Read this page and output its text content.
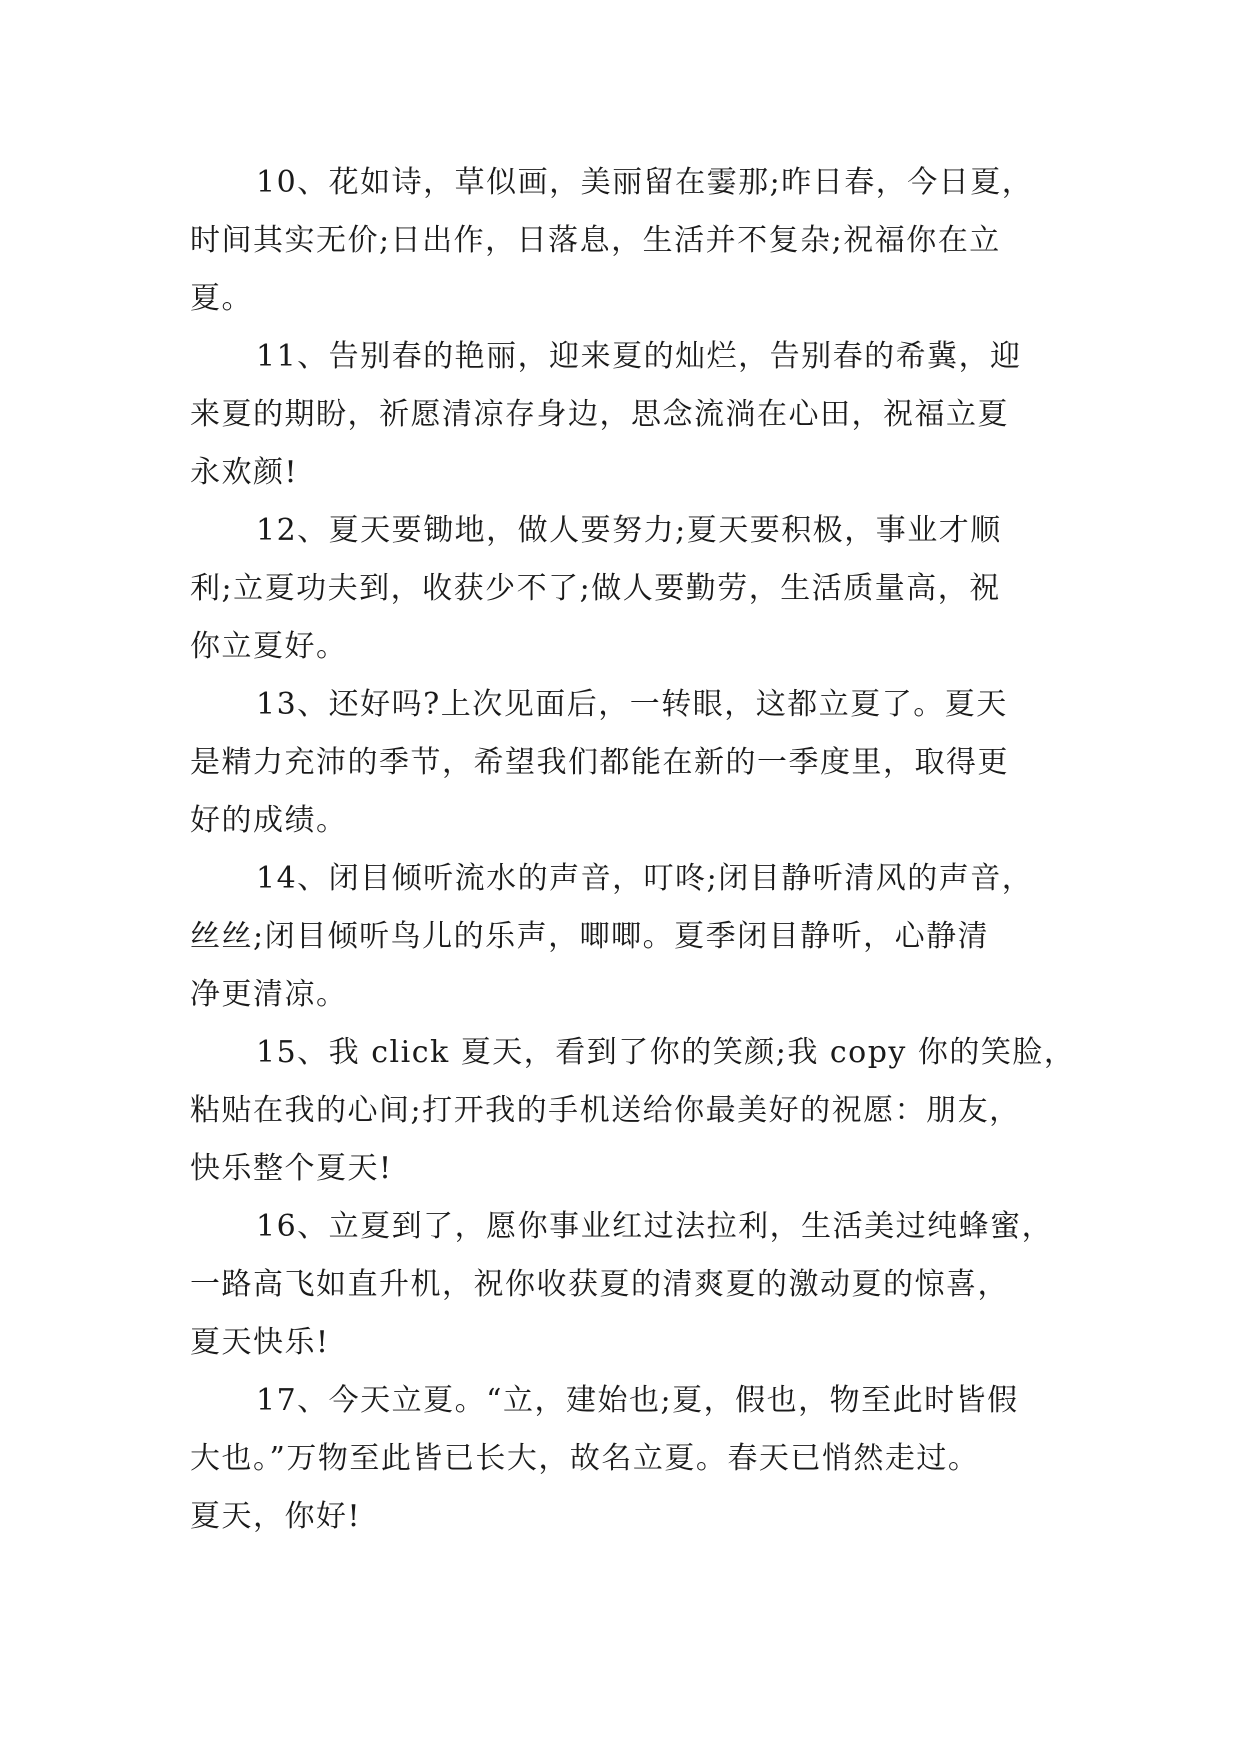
10、花如诗，草似画，美丽留在霎那;昨日春，今日夏，
时间其实无价;日出作，日落息，生活并不复杂;祝福你在立
夏。

11、告别春的艳丽，迎来夏的灿烂，告别春的希冀，迎
来夏的期盼，祈愿清凉存身边，思念流淌在心田，祝福立夏
永欢颜!

12、夏天要锄地，做人要努力;夏天要积极，事业才顺
利;立夏功夫到，收获少不了;做人要勤劳，生活质量高，祝
你立夏好。

13、还好吗?上次见面后，一转眼，这都立夏了。夏天
是精力充沛的季节，希望我们都能在新的一季度里，取得更
好的成绩。

14、闭目倾听流水的声音，叮咚;闭目静听清风的声音，
丝丝;闭目倾听鸟儿的乐声，唧唧。夏季闭目静听，心静清
净更清凉。

15、我 click 夏天，看到了你的笑颜;我 copy 你的笑脸，
粘贴在我的心间;打开我的手机送给你最美好的祝愿：朋友，
快乐整个夏天!

16、立夏到了，愿你事业红过法拉利，生活美过纯蜂蜜，
一路高飞如直升机，祝你收获夏的清爽夏的激动夏的惊喜，
夏天快乐!

17、今天立夏。“立，建始也;夏，假也，物至此时皆假
大也。”万物至此皆已长大，故名立夏。春天已悄然走过。
夏天，你好!
